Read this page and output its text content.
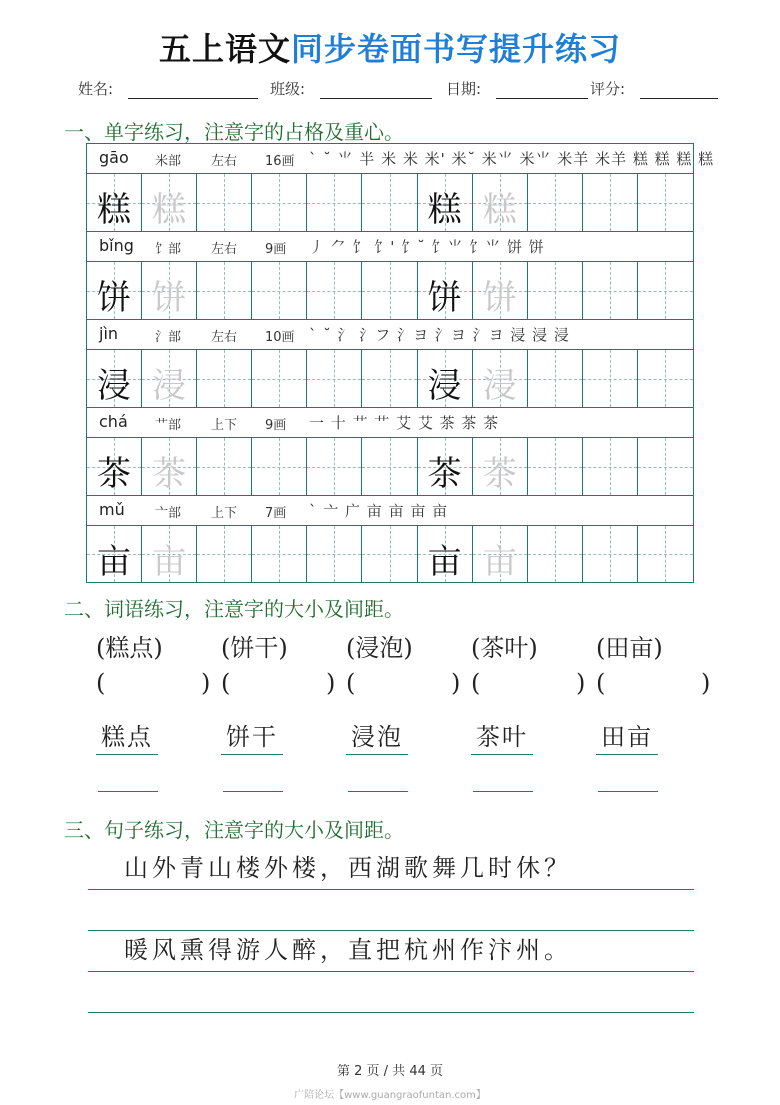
五上语文同步卷面书写提升练习
姓名:	班级:	日期:	评分:
一、单字练习，注意字的占格及重心。
gāo 米部 左右 16画 ` ˘ ⺌ 半 米 米 米' 米˘ 米⺌ 米⺌ 米羊 米羊 糕 糕 糕 糕
糕 糕	糕 糕
bǐng 饣部 左右 9画 丿 ⺈ 饣 饣' 饣˘ 饣⺌ 饣⺌ 饼 饼
饼 饼	饼 饼
jìn	氵部 左右 10画 ` ˘ 氵 氵フ 氵ヨ 氵ヨ 氵ヨ 浸 浸 浸
浸 浸	浸 浸
chá 艹部 上下 9画 一 十 艹 艹 艾 艾 茶 茶 茶
茶 茶	茶 茶
mǔ 亠部 上下 7画 ` 亠 广 亩 亩 亩 亩
亩 亩	亩 亩
二、词语练习，注意字的大小及间距。
(糕点)
( )
糕点
(饼干)
( )
饼干
(浸泡)
( )
浸泡
(茶叶)
( )
茶叶
(田亩)
( )
田亩
三、句子练习，注意字的大小及间距。
山外青山楼外楼，西湖歌舞几时休？
暖风熏得游人醉，直把杭州作汴州。
第 2 页 / 共 44 页
广陪论坛【www.guangraofuntan.com】
